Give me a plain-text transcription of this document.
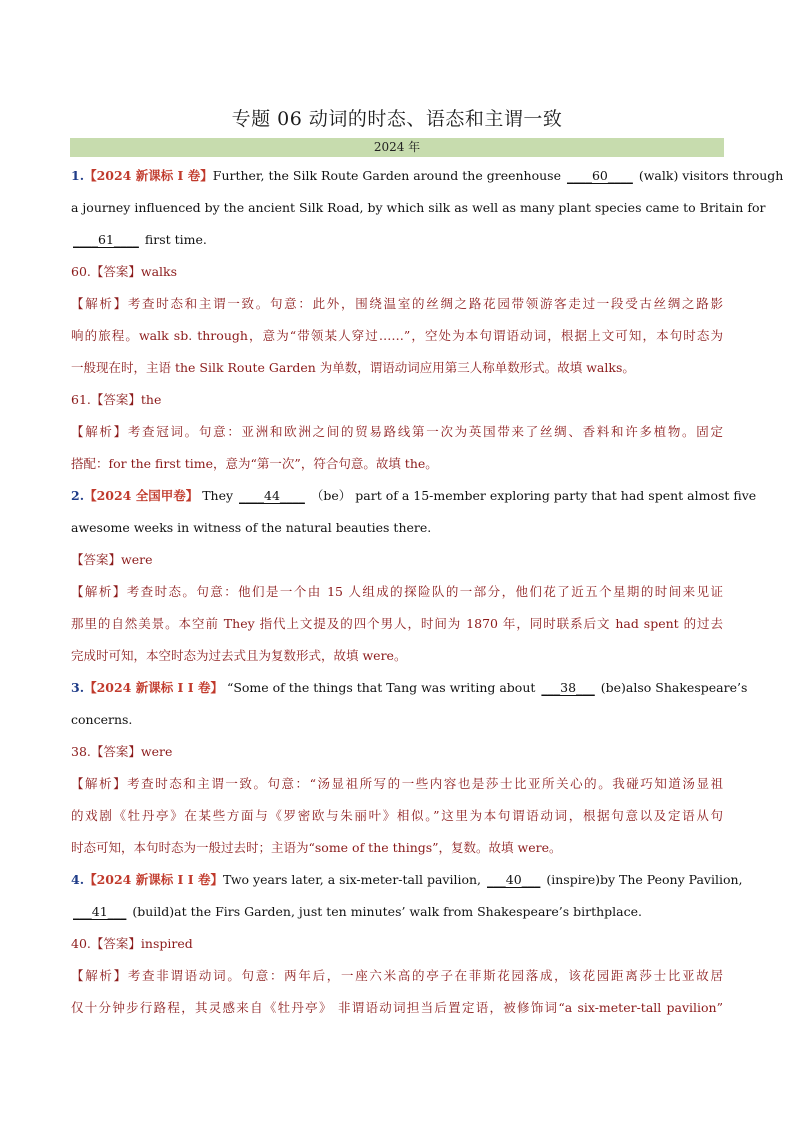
专题 06 动词的时态、语态和主谓一致
2024 年
1.【2024 新课标 I 卷】Further, the Silk Route Garden around the greenhouse ____60____ (walk) visitors through
a journey influenced by the ancient Silk Road, by which silk as well as many plant species came to Britain for
____61____ first time.
60.【答案】walks
【解析】考查时态和主谓一致。句意：此外，围绕温室的丝绸之路花园带领游客走过一段受古丝绸之路影
响的旅程。walk sb. through，意为“带领某人穿过……”，空处为本句谓语动词，根据上文可知，本句时态为
一般现在时，主语 the Silk Route Garden 为单数，谓语动词应用第三人称单数形式。故填 walks。
61.【答案】the
【解析】考查冠词。句意：亚洲和欧洲之间的贸易路线第一次为英国带来了丝绸、香料和许多植物。固定
搭配：for the first time，意为“第一次”，符合句意。故填 the。
2.【2024 全国甲卷】 They ____44____ （be） part of a 15-member exploring party that had spent almost five
awesome weeks in witness of the natural beauties there.
【答案】were
【解析】考查时态。句意：他们是一个由 15 人组成的探险队的一部分，他们花了近五个星期的时间来见证
那里的自然美景。本空前 They 指代上文提及的四个男人，时间为 1870 年，同时联系后文 had spent 的过去
完成时可知，本空时态为过去式且为复数形式，故填 were。
3.【2024 新课标 I I 卷】 “Some of the things that Tang was writing about ___38___ (be)also Shakespeare’s
concerns.
38.【答案】were
【解析】考查时态和主谓一致。句意：“汤显祖所写的一些内容也是莎士比亚所关心的。我碰巧知道汤显祖
的戏剧《牡丹亭》在某些方面与《罗密欧与朱丽叶》相似。”这里为本句谓语动词，根据句意以及定语从句
时态可知，本句时态为一般过去时；主语为“some of the things”，复数。故填 were。
4.【2024 新课标 I I 卷】Two years later, a six-meter-tall pavilion, ___40___ (inspire)by The Peony Pavilion,
___41___ (build)at the Firs Garden, just ten minutes’ walk from Shakespeare’s birthplace.
40.【答案】inspired
【解析】考查非谓语动词。句意：两年后，一座六米高的亭子在菲斯花园落成，该花园距离莎士比亚故居
仅十分钟步行路程，其灵感来自《牡丹亭》 非谓语动词担当后置定语，被修饰词“a six-meter-tall pavilion”
